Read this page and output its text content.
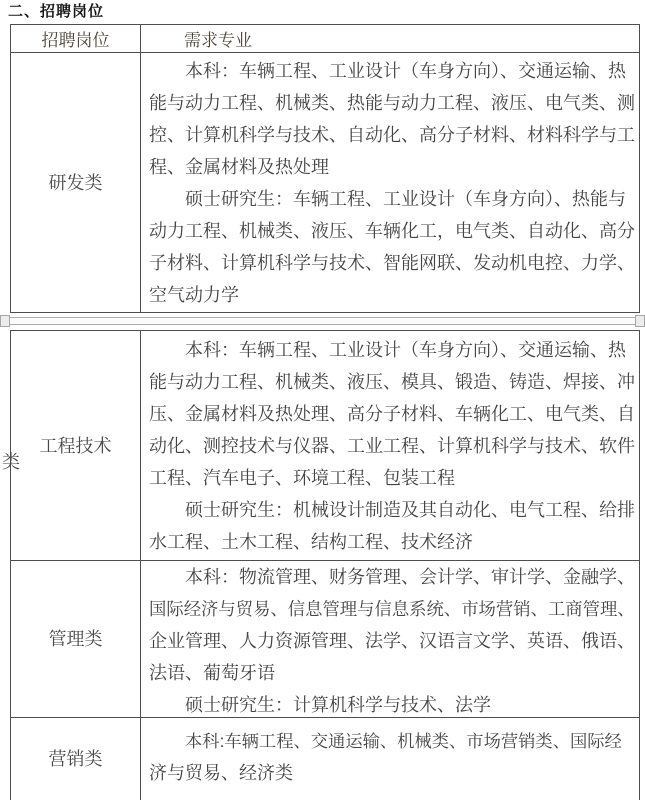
二、招聘岗位
招聘岗位	需求专业
研发类
本科：车辆工程、工业设计（车身方向）、交通运输、热
能与动力工程、机械类、热能与动力工程、液压、电气类、测
控、计算机科学与技术、自动化、高分子材料、材料科学与工
程、金属材料及热处理
硕士研究生：车辆工程、工业设计（车身方向）、热能与
动力工程、机械类、液压、车辆化工，电气类、自动化、高分
子材料、计算机科学与技术、智能网联、发动机电控、力学、
空气动力学
工程技术
类
本科：车辆工程、工业设计（车身方向）、交通运输、热
能与动力工程、机械类、液压、模具、锻造、铸造、焊接、冲
压、金属材料及热处理、高分子材料、车辆化工、电气类、自
动化、测控技术与仪器、工业工程、计算机科学与技术、软件
工程、汽车电子、环境工程、包装工程
硕士研究生：机械设计制造及其自动化、电气工程、给排
水工程、土木工程、结构工程、技术经济
管理类
本科：物流管理、财务管理、会计学、审计学、金融学、
国际经济与贸易、信息管理与信息系统、市场营销、工商管理、
企业管理、人力资源管理、法学、汉语言文学、英语、俄语、
法语、葡萄牙语
硕士研究生：计算机科学与技术、法学
营销类
本科:车辆工程、交通运输、机械类、市场营销类、国际经
济与贸易、经济类
